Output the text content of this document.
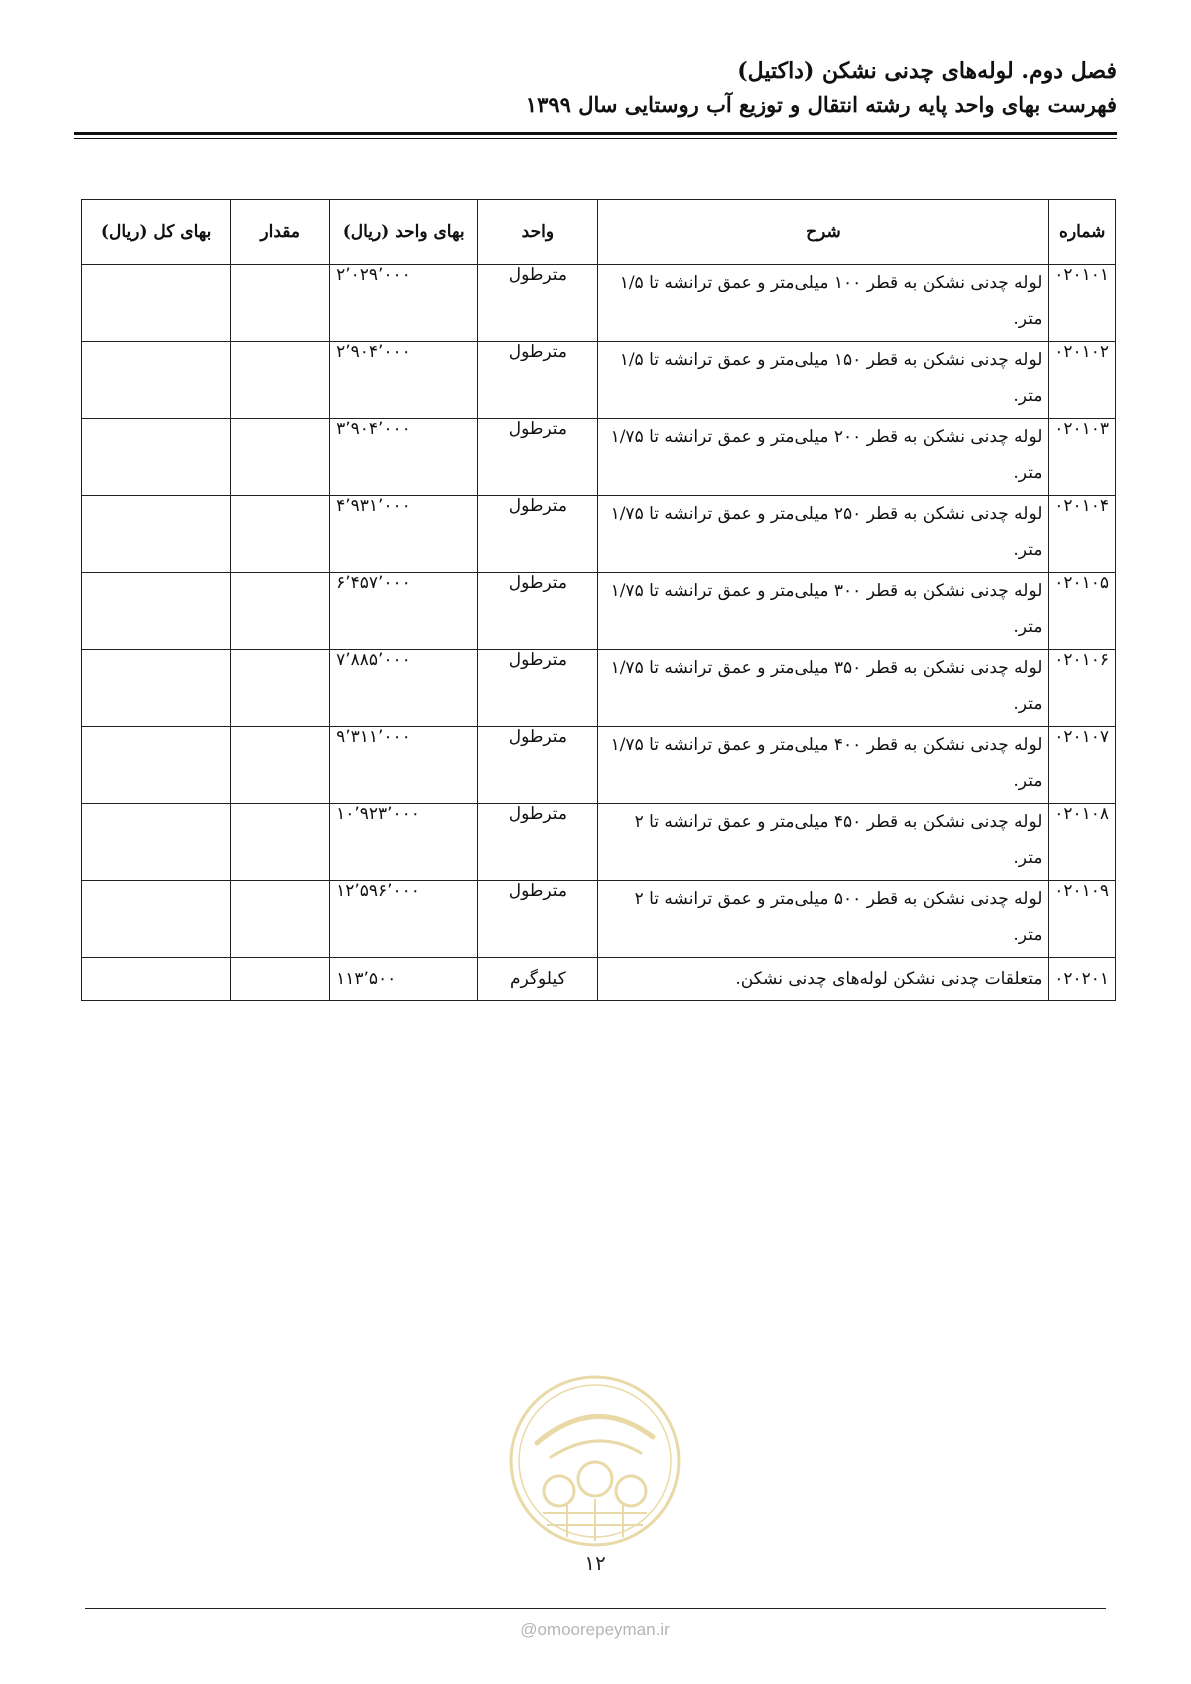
فصل دوم. لوله‌های چدنی نشکن (داکتیل)
فهرست بهای واحد پایه رشته انتقال و توزیع آب روستایی سال ۱۳۹۹
شماره	شرح	واحد	بهای واحد (ریال)	مقدار	بهای کل (ریال)
۰۲۰۱۰۱	لوله چدنی نشکن به قطر ۱۰۰ میلی‌متر و عمق ترانشه تا ۱/۵ متر.	مترطول	۲٬۰۲۹٬۰۰۰		
۰۲۰۱۰۲	لوله چدنی نشکن به قطر ۱۵۰ میلی‌متر و عمق ترانشه تا ۱/۵ متر.	مترطول	۲٬۹۰۴٬۰۰۰		
۰۲۰۱۰۳	لوله چدنی نشکن به قطر ۲۰۰ میلی‌متر و عمق ترانشه تا ۱/۷۵ متر.	مترطول	۳٬۹۰۴٬۰۰۰		
۰۲۰۱۰۴	لوله چدنی نشکن به قطر ۲۵۰ میلی‌متر و عمق ترانشه تا ۱/۷۵ متر.	مترطول	۴٬۹۳۱٬۰۰۰		
۰۲۰۱۰۵	لوله چدنی نشکن به قطر ۳۰۰ میلی‌متر و عمق ترانشه تا ۱/۷۵ متر.	مترطول	۶٬۴۵۷٬۰۰۰		
۰۲۰۱۰۶	لوله چدنی نشکن به قطر ۳۵۰ میلی‌متر و عمق ترانشه تا ۱/۷۵ متر.	مترطول	۷٬۸۸۵٬۰۰۰		
۰۲۰۱۰۷	لوله چدنی نشکن به قطر ۴۰۰ میلی‌متر و عمق ترانشه تا ۱/۷۵ متر.	مترطول	۹٬۳۱۱٬۰۰۰		
۰۲۰۱۰۸	لوله چدنی نشکن به قطر ۴۵۰ میلی‌متر و عمق ترانشه تا ۲ متر.	مترطول	۱۰٬۹۲۳٬۰۰۰		
۰۲۰۱۰۹	لوله چدنی نشکن به قطر ۵۰۰ میلی‌متر و عمق ترانشه تا ۲ متر.	مترطول	۱۲٬۵۹۶٬۰۰۰		
۰۲۰۲۰۱	متعلقات چدنی نشکن لوله‌های چدنی نشکن.	کیلوگرم	۱۱۳٬۵۰۰		
۱۲
@omoorepeyman.ir
